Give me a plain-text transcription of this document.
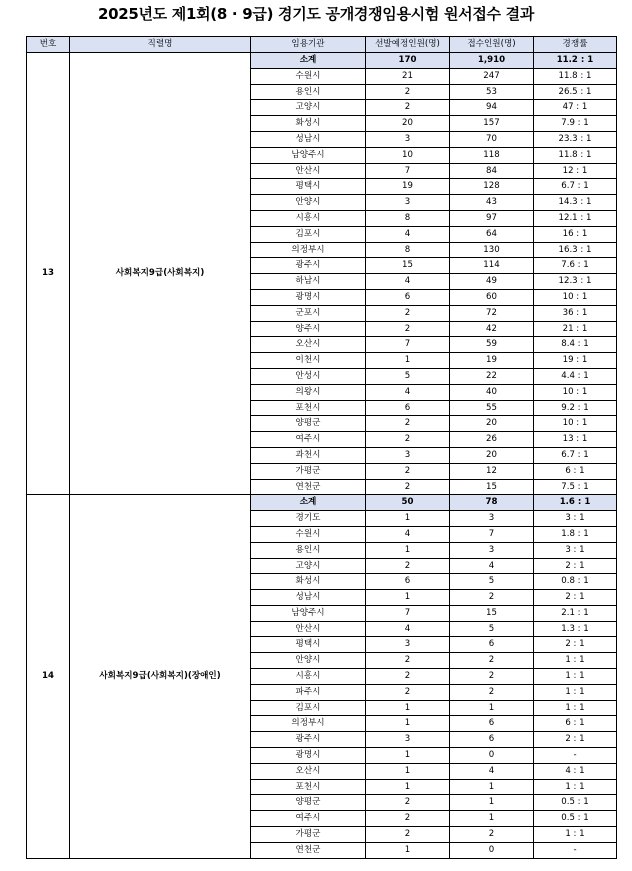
2025년도 제1회(8 · 9급) 경기도 공개경쟁임용시험 원서접수 결과
번호	직렬명	임용기관	선발예정인원(명)	접수인원(명)	경쟁률
13	사회복지9급(사회복지)	소계	170	1,910	11.2 : 1
		수원시	21	247	11.8 : 1
		용인시	2	53	26.5 : 1
		고양시	2	94	47 : 1
		화성시	20	157	7.9 : 1
		성남시	3	70	23.3 : 1
		남양주시	10	118	11.8 : 1
		안산시	7	84	12 : 1
		평택시	19	128	6.7 : 1
		안양시	3	43	14.3 : 1
		시흥시	8	97	12.1 : 1
		김포시	4	64	16 : 1
		의정부시	8	130	16.3 : 1
		광주시	15	114	7.6 : 1
		하남시	4	49	12.3 : 1
		광명시	6	60	10 : 1
		군포시	2	72	36 : 1
		양주시	2	42	21 : 1
		오산시	7	59	8.4 : 1
		이천시	1	19	19 : 1
		안성시	5	22	4.4 : 1
		의왕시	4	40	10 : 1
		포천시	6	55	9.2 : 1
		양평군	2	20	10 : 1
		여주시	2	26	13 : 1
		과천시	3	20	6.7 : 1
		가평군	2	12	6 : 1
		연천군	2	15	7.5 : 1
14	사회복지9급(사회복지)(장애인)	소계	50	78	1.6 : 1
		경기도	1	3	3 : 1
		수원시	4	7	1.8 : 1
		용인시	1	3	3 : 1
		고양시	2	4	2 : 1
		화성시	6	5	0.8 : 1
		성남시	1	2	2 : 1
		남양주시	7	15	2.1 : 1
		안산시	4	5	1.3 : 1
		평택시	3	6	2 : 1
		안양시	2	2	1 : 1
		시흥시	2	2	1 : 1
		파주시	2	2	1 : 1
		김포시	1	1	1 : 1
		의정부시	1	6	6 : 1
		광주시	3	6	2 : 1
		광명시	1	0	-
		오산시	1	4	4 : 1
		포천시	1	1	1 : 1
		양평군	2	1	0.5 : 1
		여주시	2	1	0.5 : 1
		가평군	2	2	1 : 1
		연천군	1	0	-
